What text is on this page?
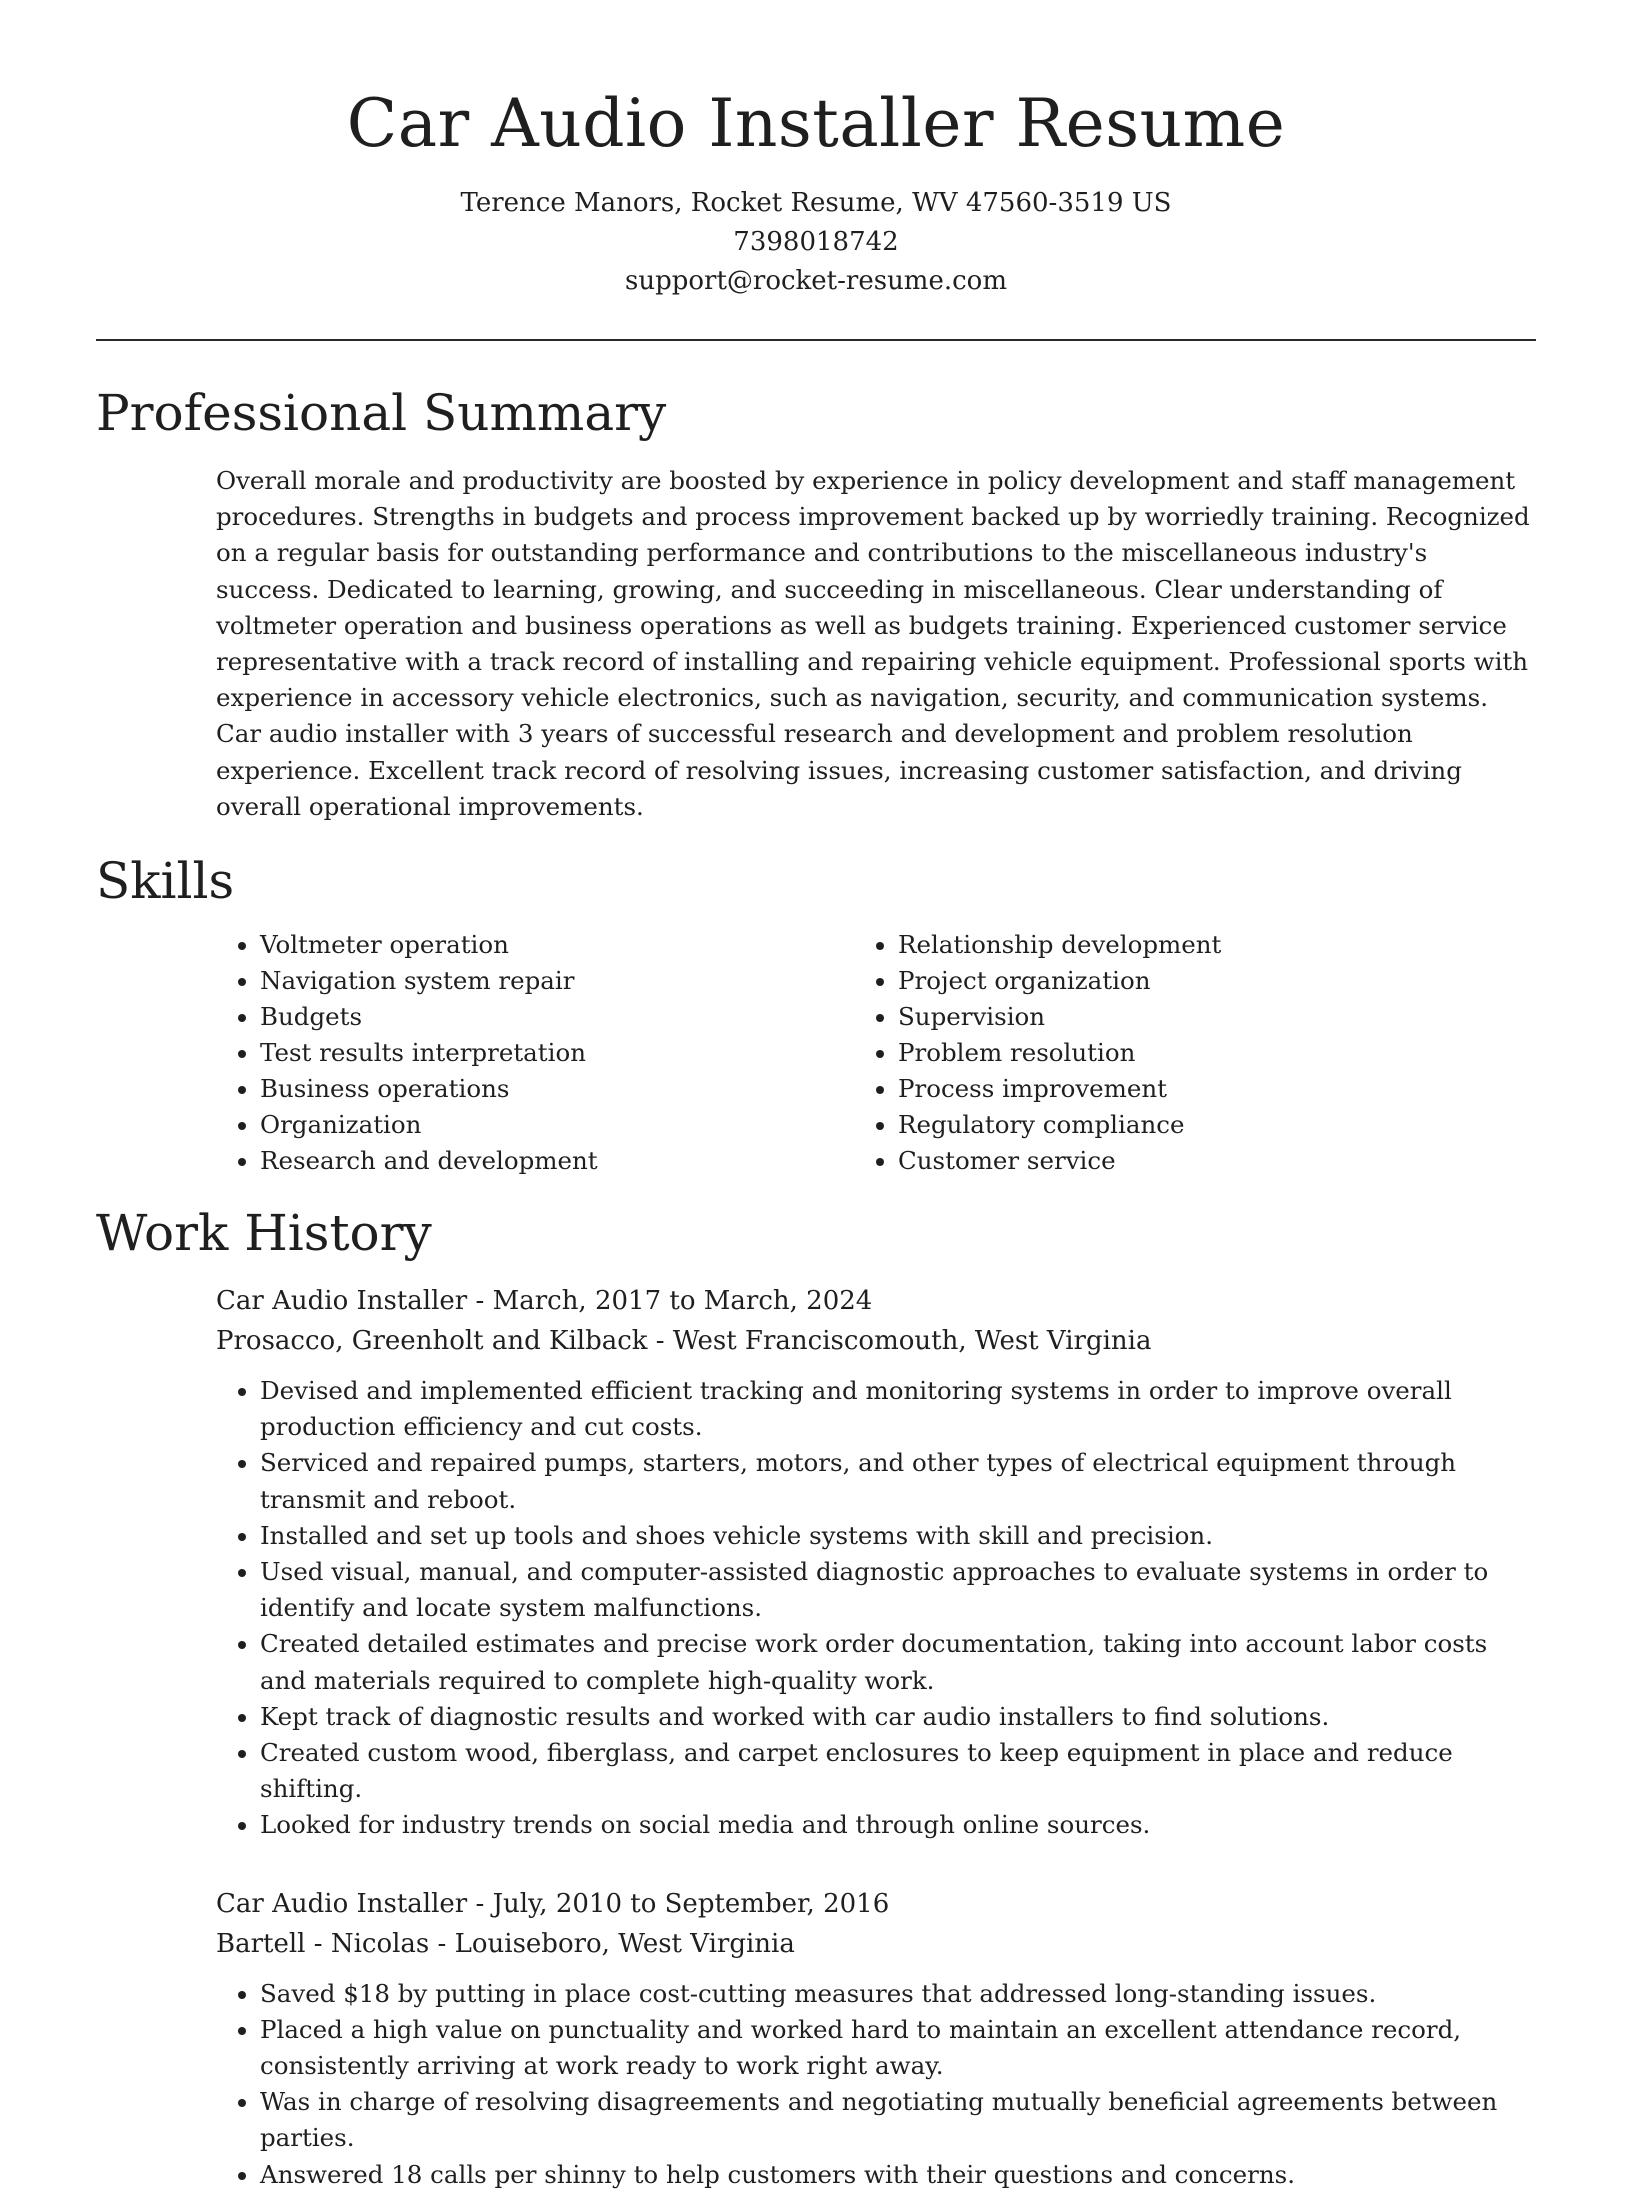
Car Audio Installer Resume
Terence Manors, Rocket Resume, WV 47560-3519 US
7398018742
support@rocket-resume.com
Professional Summary

Overall morale and productivity are boosted by experience in policy development and staff management procedures. Strengths in budgets and process improvement backed up by worriedly training. Recognized on a regular basis for outstanding performance and contributions to the miscellaneous industry's success. Dedicated to learning, growing, and succeeding in miscellaneous. Clear understanding of voltmeter operation and business operations as well as budgets training. Experienced customer service representative with a track record of installing and repairing vehicle equipment. Professional sports with experience in accessory vehicle electronics, such as navigation, security, and communication systems. Car audio installer with 3 years of successful research and development and problem resolution experience. Excellent track record of resolving issues, increasing customer satisfaction, and driving overall operational improvements.

Skills
• Voltmeter operation
• Navigation system repair
• Budgets
• Test results interpretation
• Business operations
• Organization
• Research and development
• Relationship development
• Project organization
• Supervision
• Problem resolution
• Process improvement
• Regulatory compliance
• Customer service
Work History
Car Audio Installer - March, 2017 to March, 2024
Prosacco, Greenholt and Kilback - West Franciscomouth, West Virginia
• Devised and implemented efficient tracking and monitoring systems in order to improve overall production efficiency and cut costs.
• Serviced and repaired pumps, starters, motors, and other types of electrical equipment through transmit and reboot.
• Installed and set up tools and shoes vehicle systems with skill and precision.
• Used visual, manual, and computer-assisted diagnostic approaches to evaluate systems in order to identify and locate system malfunctions.
• Created detailed estimates and precise work order documentation, taking into account labor costs and materials required to complete high-quality work.
• Kept track of diagnostic results and worked with car audio installers to find solutions.
• Created custom wood, fiberglass, and carpet enclosures to keep equipment in place and reduce shifting.
• Looked for industry trends on social media and through online sources.
Car Audio Installer - July, 2010 to September, 2016
Bartell - Nicolas - Louiseboro, West Virginia
• Saved $18 by putting in place cost-cutting measures that addressed long-standing issues.
• Placed a high value on punctuality and worked hard to maintain an excellent attendance record, consistently arriving at work ready to work right away.
• Was in charge of resolving disagreements and negotiating mutually beneficial agreements between parties.
• Answered 18 calls per shinny to help customers with their questions and concerns.
